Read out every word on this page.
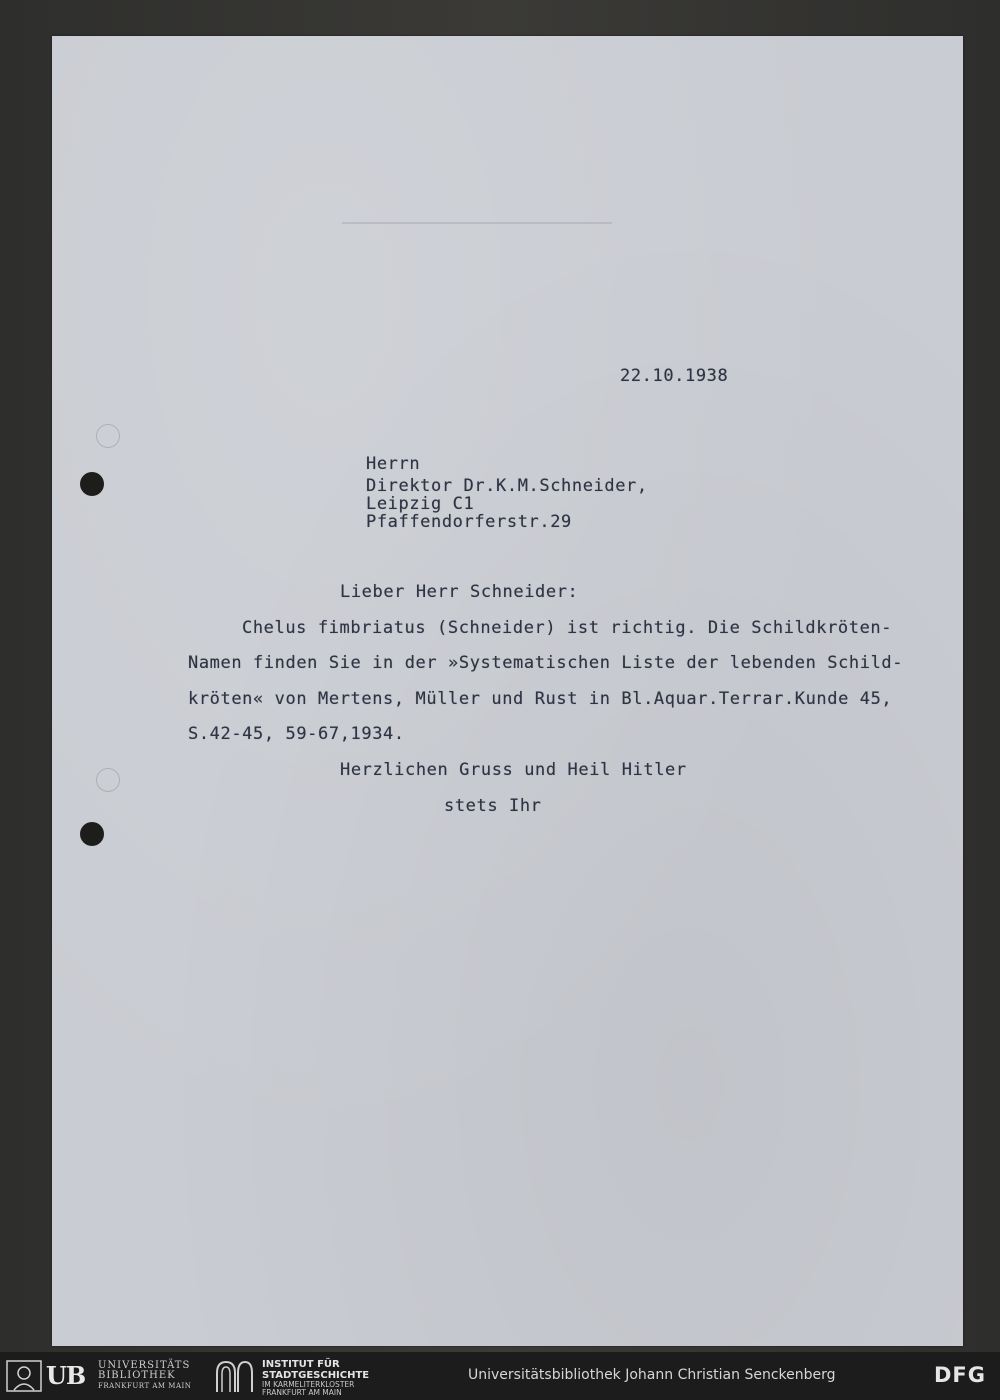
22.10.1938
Herrn
Direktor Dr.K.M.Schneider,
Leipzig C1
Pfaffendorferstr.29
Lieber Herr Schneider:
Chelus fimbriatus (Schneider) ist richtig. Die Schildkröten-
Namen finden Sie in der »Systematischen Liste der lebenden Schild-
kröten« von Mertens, Müller und Rust in Bl.Aquar.Terrar.Kunde 45,
S.42-45, 59-67,1934.
Herzlichen Gruss und Heil Hitler
stets Ihr
UB UNIVERSITÄTS
BIBLIOTHEK
FRANKFURT AM MAIN
INSTITUT FÜR
STADTGESCHICHTE
IM KARMELITERKLOSTER
FRANKFURT AM MAIN
Universitätsbibliothek Johann Christian Senckenberg	DFG
